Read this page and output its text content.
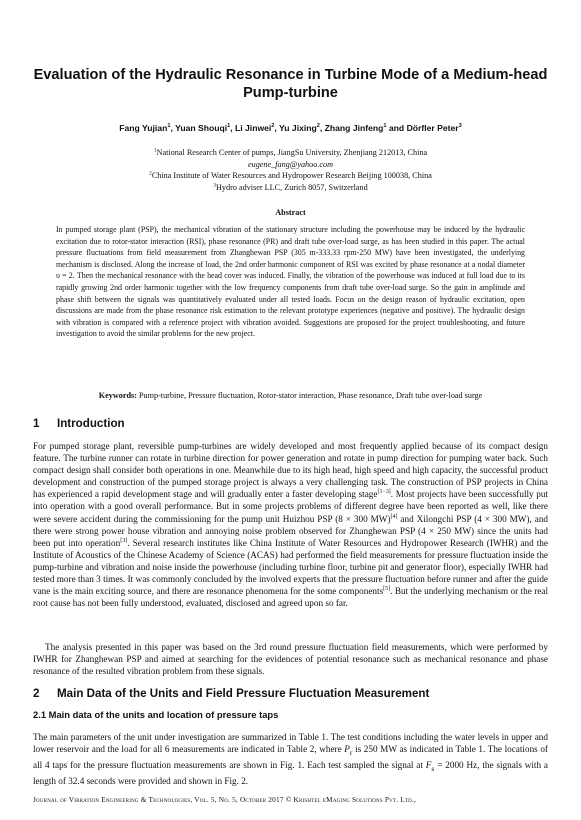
Evaluation of the Hydraulic Resonance in Turbine Mode of a Medium-head Pump-turbine
Fang Yujian$^1$, Yuan Shouqi$^1$, Li Jinwei$^2$, Yu Jixing$^2$, Zhang Jinfeng$^1$ and Dörfler Peter$^3$
$^1$National Research Center of pumps, JiangSu University, Zhenjiang 212013, China
eugene_fang@yahoo.com
$^2$China Institute of Water Resources and Hydropower Research Beijing 100038, China
$^3$Hydro adviser LLC, Zurich 8057, Switzerland
Abstract
In pumped storage plant (PSP), the mechanical vibration of the stationary structure including the powerhouse may be induced by the hydraulic excitation due to rotor-stator interaction (RSI), phase resonance (PR) and draft tube over-load surge, as has been studied in this paper. The actual pressure fluctuations from field measurement from Zhanghewan PSP (305 m-333.33 rpm-250 MW) have been investigated, the underlying mechanism is disclosed. Along the increase of load, the 2nd order harmonic component of RSI was excited by phase resonance at a nodal diameter υ = 2. Then the mechanical resonance with the head cover was induced. Finally, the vibration of the powerhouse was induced at full load due to its rapidly growing 2nd order harmonic together with the low frequency components from draft tube over-load surge. So the gain in amplitude and phase shift between the signals was quantitatively evaluated under all tested loads. Focus on the design reason of hydraulic excitation, open discussions are made from the phase resonance risk estimation to the relevant prototype experiences (negative and positive). The hydraulic design with vibration is compared with a reference project with vibration avoided. Suggestions are proposed for the project troubleshooting, and future investigation to avoid the similar problems for the new project.
Keywords: Pump-turbine, Pressure fluctuation, Rotor-stator interaction, Phase resonance, Draft tube over-load surge
1 Introduction
For pumped storage plant, reversible pump-turbines are widely developed and most frequently applied because of its compact design feature. The turbine runner can rotate in turbine direction for power generation and rotate in pump direction for pumping water back. Such compact design shall consider both operations in one. Meanwhile due to its high head, high speed and high capacity, the successful product development and construction of the pumped storage project is always a very challenging task. The construction of PSP projects in China has experienced a rapid development stage and will gradually enter a faster developing stage[1−3]. Most projects have been successfully put into operation with a good overall performance. But in some projects problems of different degree have been reported as well, like there were severe accident during the commissioning for the pump unit Huizhou PSP (8 × 300 MW)[4] and Xilongchi PSP (4 × 300 MW), and there were strong power house vibration and annoying noise problem observed for Zhanghewan PSP (4 × 250 MW) since the units had been put into operation[3]. Several research institutes like China Institute of Water Resources and Hydropower Research (IWHR) and the Institute of Acoustics of the Chinese Academy of Science (ACAS) had performed the field measurements for pressure fluctuation inside the pump-turbine and vibration and noise inside the powerhouse (including turbine floor, turbine pit and generator floor), especially IWHR had tested more than 3 times. It was commonly concluded by the involved experts that the pressure fluctuation before runner and after the guide vane is the main exciting source, and there are resonance phenomena for the some components[5]. But the underlying mechanism or the real root cause has not been fully understood, evaluated, disclosed and agreed upon so far.
The analysis presented in this paper was based on the 3rd round pressure fluctuation field measurements, which were performed by IWHR for Zhanghewan PSP and aimed at searching for the evidences of potential resonance such as mechanical resonance and phase resonance of the resulted vibration problem from these signals.
2 Main Data of the Units and Field Pressure Fluctuation Measurement
2.1 Main data of the units and location of pressure taps
The main parameters of the unit under investigation are summarized in Table 1. The test conditions including the water levels in upper and lower reservoir and the load for all 6 measurements are indicated in Table 2, where $P_r$ is 250 MW as indicated in Table 1. The locations of all 4 taps for the pressure fluctuation measurements are shown in Fig. 1. Each test sampled the signal at $F_s = 2000$ Hz, the signals with a length of 32.4 seconds were provided and shown in Fig. 2.
Journal of Vibration Engineering & Technologies, Vol. 5, No. 5, October 2017 © Krishtel eMaging Solutions Pvt. Ltd.,
